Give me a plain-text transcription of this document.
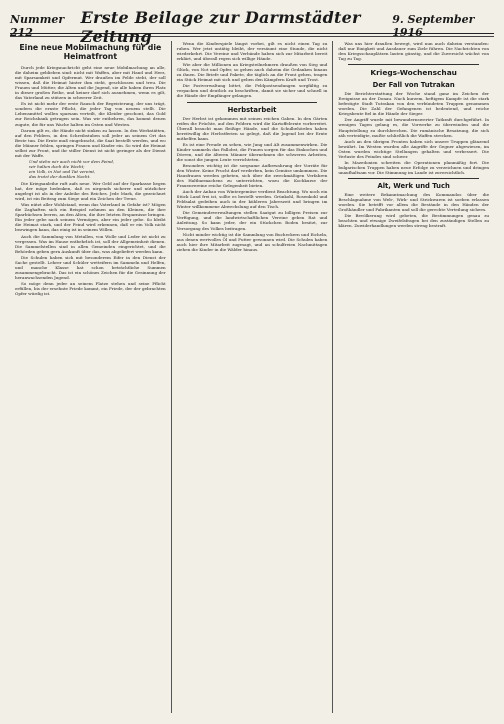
Nummer 212
Erste Beilage zur Darmstädter Zeitung
9. September 1916
Eine neue Mobilmachung für die Heimatfront

Durch jede Kriegsnachricht geht eine neue Mobilmachung an alle, die daheim geblieben sind: nicht mit Waffen, aber mit Hand und Herz, mit Sparsamkeit und Opfermut. Wer draußen im Felde steht, der soll wissen, daß die Heimat hinter ihm steht, geschlossen und treu. Die Frauen und Mütter, die Alten und die Jugend, sie alle haben ihren Platz in dieser großen Reihe, und keiner darf sich ausnehmen, wenn es gilt, das Vaterland zu stützen in schwerer Zeit.

Es ist nicht mehr der erste Rausch der Begeisterung, der uns trägt, sondern die ernste Pflicht, die jeder Tag von neuem stellt. Die Lebensmittel wollen sparsam verteilt, die Kleider geschont, das Gold zur Reichsbank getragen sein. Was wir entbehren, das kommt denen zugute, die für uns Wache halten im Osten und Westen.

Darum gilt es, die Hände nicht sinken zu lassen. In den Werkstätten, auf den Feldern, in den Schreibstuben soll jeder an seinem Ort das Beste tun. Die Ernte muß eingebracht, die Saat bestellt werden, und wo die Männer fehlen, springen Frauen und Kinder ein. So wird die Heimat selbst zur Front, und ihr stiller Dienst ist nicht geringer als der Dienst mit der Waffe.

Und stehn wir auch nicht vor dem Feind,
wir halten doch die Wacht;
ein Volk, in Not und Tat vereint,
das trotzt der dunklen Nacht.

Die Kriegsanleihe ruft aufs neue. Wer Geld auf der Sparkasse liegen hat, der möge bedenken, daß es nirgends sicherer und nützlicher angelegt ist als in der Anleihe des Reiches. Jede Mark, die gezeichnet wird, ist ein Beitrag zum Siege und ein Zeichen der Treue.

Was nützt aller Wohlstand, wenn das Vaterland in Gefahr ist? Mögen die Zaghaften sich ein Beispiel nehmen an den Kleinen, die ihre Sparbüchsen leeren, an den Alten, die ihre letzten Ersparnisse bringen. Ein jeder gebe nach seinem Vermögen, aber ein jeder gebe. So bleibt die Heimat stark, und der Feind wird erkennen, daß er ein Volk nicht bezwingen kann, das einig ist in seinem Willen.

Auch die Sammlung von Metallen, von Wolle und Leder ist nicht zu vergessen. Was im Hause entbehrlich ist, soll der Allgemeinheit dienen. Die Sammelstellen sind in allen Gemeinden eingerichtet, und die Behörden geben gern Auskunft über das, was abgeliefert werden kann.

Die Schulen haben sich mit besonderem Eifer in den Dienst der Sache gestellt. Lehrer und Schüler wetteifern im Sammeln und Helfen, und manche Klasse hat schon beträchtliche Summen zusammengebracht. Das ist ein schönes Zeichen für die Gesinnung der heranwachsenden Jugend.

So möge denn jeder an seinem Platze stehen und seine Pflicht erfüllen, bis der ersehnte Friede kommt, ein Friede, der der gebrachten Opfer würdig ist.

Wenn die Kinderspiele längst vorbei, gilt es nicht einen Tag zu ruhen. Wer jetzt untätig bleibt, der versäumt eine Stunde, die nicht wiederkehrt. Die Vereine und Verbände haben sich zur Mitarbeit bereit erklärt, und überall regen sich willige Hände.

Wie aber die Millionen an Kriegsteilnehmern draußen von Sieg und Glück, von Not und Opfer, so gehen auch daheim die Gedanken hinaus zu ihnen. Die Briefe und Pakete, die täglich an die Front gehen, tragen ein Stück Heimat mit sich und geben den Kämpfern Kraft und Trost.

Die Postverwaltung bittet, die Feldpostsendungen sorgfältig zu verpacken und deutlich zu beschriften, damit sie sicher und schnell in die Hände der Empfänger gelangen.

Herbstarbeit

Der Herbst ist gekommen mit seinen reichen Gaben. In den Gärten reifen die Früchte, auf den Feldern wird die Kartoffelernte vorbereitet. Überall braucht man fleißige Hände, und die Schulbehörden haben bereitwillig die Herbstferien so gelegt, daß die Jugend bei der Ernte mithelfen kann.

Es ist eine Freude zu sehen, wie Jung und Alt zusammenwirken. Die Kinder sammeln das Fallobst, die Frauen sorgen für das Einkochen und Dörren, und die älteren Männer übernehmen die schweren Arbeiten, die sonst die jungen Leute verrichteten.

Besonders wichtig ist die sorgsame Aufbewahrung der Vorräte für den Winter. Keine Frucht darf verderben, kein Gemüse umkommen. Die Hausfrauen werden gebeten, sich über die zweckmäßigen Verfahren des Haltbarmachens zu unterrichten, wozu die Kochkurse der Frauenvereine reiche Gelegenheit bieten.

Auch der Anbau von Wintergemüse verdient Beachtung. Wo noch ein Stück Land frei ist, sollte es bestellt werden. Grünkohl, Rosenkohl und Feldsalat gedeihen auch in der kühleren Jahreszeit und bringen im Winter willkommene Abwechslung auf den Tisch.

Die Gemeindeverwaltungen stellen Saatgut zu billigen Preisen zur Verfügung, und die landwirtschaftlichen Vereine geben Rat und Anleitung. So kann jeder, der ein Stückchen Boden besitzt, zur Versorgung des Volkes beitragen.

Nicht minder wichtig ist die Sammlung von Bucheckern und Eicheln, aus denen wertvolles Öl und Futter gewonnen wird. Die Schulen haben auch hier ihre Mitarbeit zugesagt, und an schulfreien Nachmittagen ziehen die Kinder in die Wälder hinaus.

Was uns hier draußen bewegt, wird nun auch daheim verstanden: daß nur Einigkeit und Ausdauer zum Ziele führen. Die Nachrichten von den Kriegsschauplätzen lauten günstig, und die Zuversicht wächst von Tag zu Tag.

Kriegs-Wochenschau
Der Fall von Tutrakan

Die Berichterstattung der Woche stand ganz im Zeichen der Ereignisse an der Donau. Nach kurzem, heftigem Kampfe ist die stark befestigte Stadt Tutrakan von den verbündeten Truppen genommen worden. Die Zahl der Gefangenen ist bedeutend, und reiche Kriegsbeute fiel in die Hände der Sieger.

Der Angriff wurde mit bewundernswerter Tatkraft durchgeführt. In wenigen Tagen gelang es, die Vorwerke zu überwinden und die Hauptstellung zu durchbrechen. Die rumänische Besatzung, die sich zäh verteidigte, mußte schließlich die Waffen strecken.

Auch an den übrigen Fronten haben sich unsere Truppen glänzend bewährt. Im Westen wurden alle Angriffe der Gegner abgewiesen, im Osten wurden wichtige Stellungen gehalten und verbessert. Die Verluste des Feindes sind schwer.

In Mazedonien schreiten die Operationen planmäßig fort. Die bulgarischen Truppen haben neue Erfolge zu verzeichnen und dringen unaufhaltsam vor. Die Stimmung im Lande ist zuversichtlich.

Alt, Werk und Tuch

Eine weitere Bekanntmachung des Kommandos über die Beschlagnahme von Web-, Wirk- und Strickwaren ist soeben erlassen worden. Sie betrifft vor allem die Bestände in den Händen der Großhändler und Fabrikanten und soll die gerechte Verteilung sichern.

Die Bevölkerung wird gebeten, die Bestimmungen genau zu beachten und etwaige Zweifelsfragen bei den zuständigen Stellen zu klären. Zuwiderhandlungen werden streng bestraft.
